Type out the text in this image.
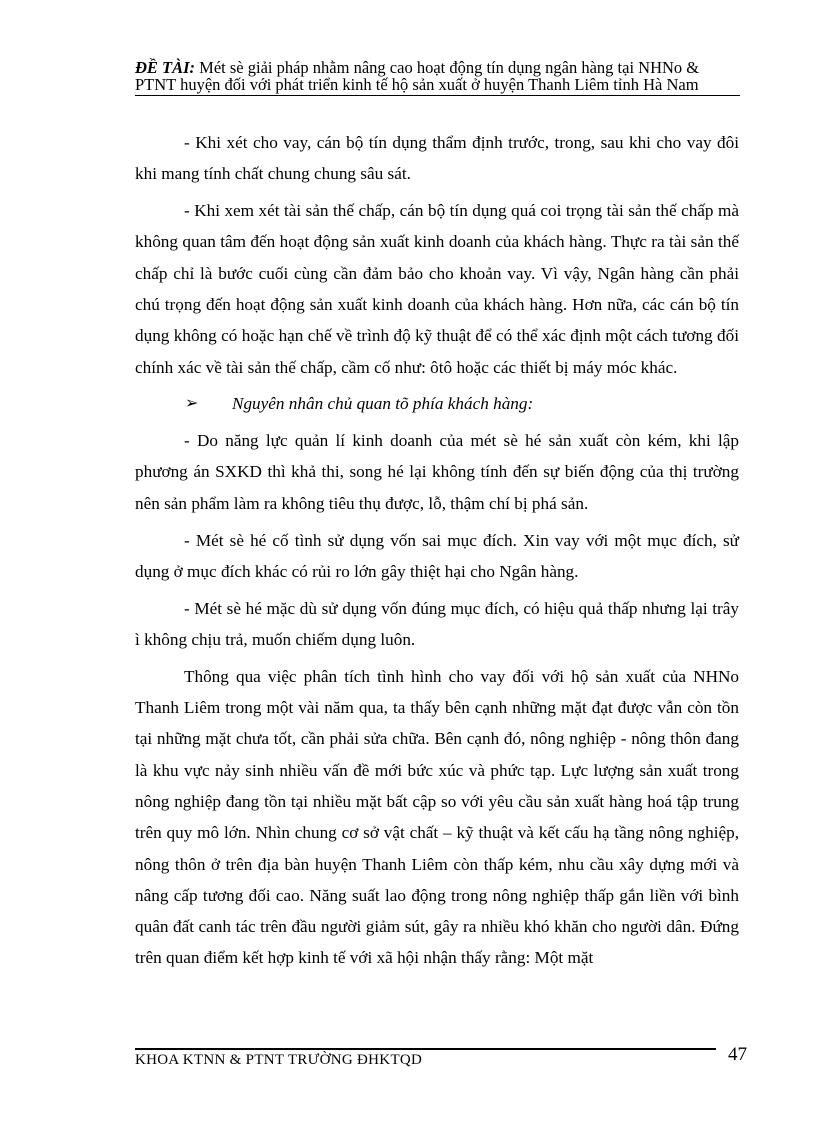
ĐỀ TÀI: Mét sè giải pháp nhằm nâng cao hoạt động tín dụng ngân hàng tại NHNo & PTNT huyện đối với phát triển kinh tế hộ sản xuất ở huyện Thanh Liêm tỉnh Hà Nam

- Khi xét cho vay, cán bộ tín dụng thẩm định trước, trong, sau khi cho vay đôi khi mang tính chất chung chung sâu sát.

- Khi xem xét tài sản thế chấp, cán bộ tín dụng quá coi trọng tài sản thế chấp mà không quan tâm đến hoạt động sản xuất kinh doanh của khách hàng. Thực ra tài sản thế chấp chỉ là bước cuối cùng cần đảm bảo cho khoản vay. Vì vậy, Ngân hàng cần phải chú trọng đến hoạt động sản xuất kinh doanh của khách hàng. Hơn nữa, các cán bộ tín dụng không có hoặc hạn chế về trình độ kỹ thuật để có thể xác định một cách tương đối chính xác về tài sản thế chấp, cầm cố như: ôtô hoặc các thiết bị máy móc khác.

➢ Nguyên nhân chủ quan tõ phía khách hàng:

- Do năng lực quản lí kinh doanh của mét sè hé sản xuất còn kém, khi lập phương án SXKD thì khả thi, song hé lại không tính đến sự biến động của thị trường nên sản phẩm làm ra không tiêu thụ được, lỗ, thậm chí bị phá sản.

- Mét sè hé cố tình sử dụng vốn sai mục đích. Xin vay với một mục đích, sử dụng ở mục đích khác có rủi ro lớn gây thiệt hại cho Ngân hàng.

- Mét sè hé mặc dù sử dụng vốn đúng mục đích, có hiệu quả thấp nhưng lại trây ì không chịu trả, muốn chiếm dụng luôn.

Thông qua việc phân tích tình hình cho vay đối với hộ sản xuất của NHNo Thanh Liêm trong một vài năm qua, ta thấy bên cạnh những mặt đạt được vẫn còn tồn tại những mặt chưa tốt, cần phải sửa chữa. Bên cạnh đó, nông nghiệp - nông thôn đang là khu vực nảy sinh nhiều vấn đề mới bức xúc và phức tạp. Lực lượng sản xuất trong nông nghiệp đang tồn tại nhiều mặt bất cập so với yêu cầu sản xuất hàng hoá tập trung trên quy mô lớn. Nhìn chung cơ sở vật chất – kỹ thuật và kết cấu hạ tầng nông nghiệp, nông thôn ở trên địa bàn huyện Thanh Liêm còn thấp kém, nhu cầu xây dựng mới và nâng cấp tương đối cao. Năng suất lao động trong nông nghiệp thấp gắn liền với bình quân đất canh tác trên đầu người giảm sút, gây ra nhiều khó khăn cho người dân. Đứng trên quan điểm kết hợp kinh tế với xã hội nhận thấy rằng: Một mặt

KHOA KTNN & PTNT TRƯỜNG ĐHKTQD	47
